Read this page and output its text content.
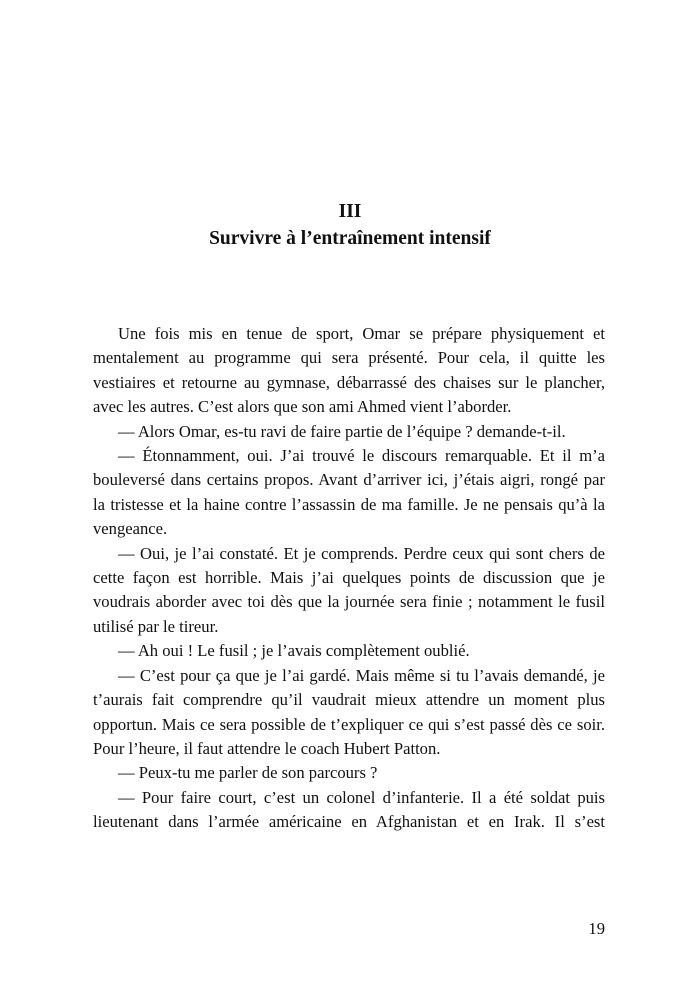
III
Survivre à l’entraînement intensif

Une fois mis en tenue de sport, Omar se prépare physiquement et mentalement au programme qui sera présenté. Pour cela, il quitte les vestiaires et retourne au gymnase, débarrassé des chaises sur le plancher, avec les autres. C’est alors que son ami Ahmed vient l’aborder.

— Alors Omar, es-tu ravi de faire partie de l’équipe ? demande-t-il.

— Étonnamment, oui. J’ai trouvé le discours remarquable. Et il m’a bouleversé dans certains propos. Avant d’arriver ici, j’étais aigri, rongé par la tristesse et la haine contre l’assassin de ma famille. Je ne pensais qu’à la vengeance.

— Oui, je l’ai constaté. Et je comprends. Perdre ceux qui sont chers de cette façon est horrible. Mais j’ai quelques points de discussion que je voudrais aborder avec toi dès que la journée sera finie ; notamment le fusil utilisé par le tireur.

— Ah oui ! Le fusil ; je l’avais complètement oublié.

— C’est pour ça que je l’ai gardé. Mais même si tu l’avais demandé, je t’aurais fait comprendre qu’il vaudrait mieux attendre un moment plus opportun. Mais ce sera possible de t’expliquer ce qui s’est passé dès ce soir. Pour l’heure, il faut attendre le coach Hubert Patton.

— Peux-tu me parler de son parcours ?

— Pour faire court, c’est un colonel d’infanterie. Il a été soldat puis lieutenant dans l’armée américaine en Afghanistan et en Irak. Il s’est

19
